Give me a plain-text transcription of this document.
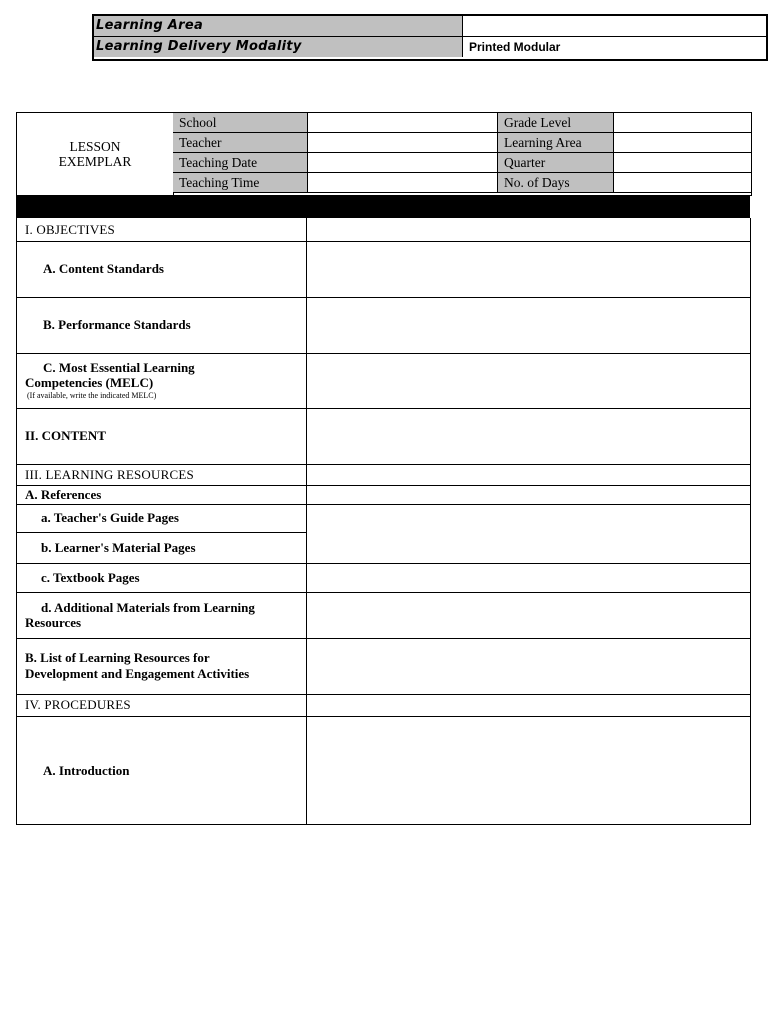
Learning Area
Learning Delivery Modality	Printed Modular
LESSON
EXEMPLAR
School
Teacher
Teaching Date
Teaching Time
Grade Level
Learning Area
Quarter
No. of Days
I. OBJECTIVES
A. Content Standards
B. Performance Standards
C. Most Essential Learning
Competencies (MELC)
(If available, write the indicated MELC)
II. CONTENT
III. LEARNING RESOURCES
A. References
a. Teacher's Guide Pages
b. Learner's Material Pages
c. Textbook Pages
d. Additional Materials from Learning
Resources
B. List of Learning Resources for
Development and Engagement Activities
IV. PROCEDURES
A. Introduction
